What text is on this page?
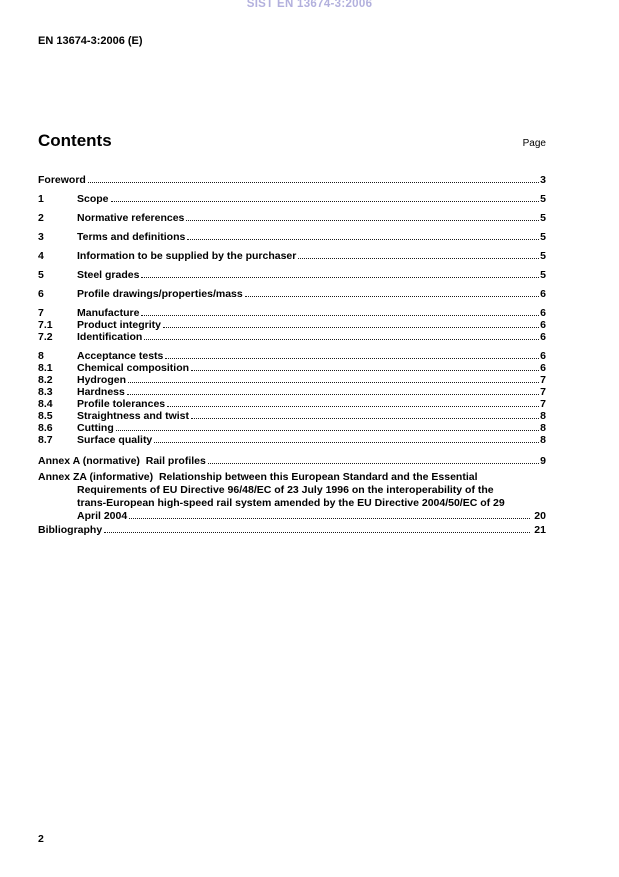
SIST EN 13674-3:2006
EN 13674-3:2006 (E)
Contents	Page
Foreword	3
1	Scope	5
2	Normative references	5
3	Terms and definitions	5
4	Information to be supplied by the purchaser	5
5	Steel grades	5
6	Profile drawings/properties/mass	6
7	Manufacture	6
7.1	Product integrity	6
7.2	Identification	6
8	Acceptance tests	6
8.1	Chemical composition	6
8.2	Hydrogen	7
8.3	Hardness	7
8.4	Profile tolerances	7
8.5	Straightness and twist	8
8.6	Cutting	8
8.7	Surface quality	8
Annex A (normative)  Rail profiles	9
Annex ZA (informative)  Relationship between this European Standard and the Essential
Requirements of EU Directive 96/48/EC of 23 July 1996 on the interoperability of the
trans-European high-speed rail system amended by the EU Directive 2004/50/EC of 29
April 2004	20
Bibliography	21
2
